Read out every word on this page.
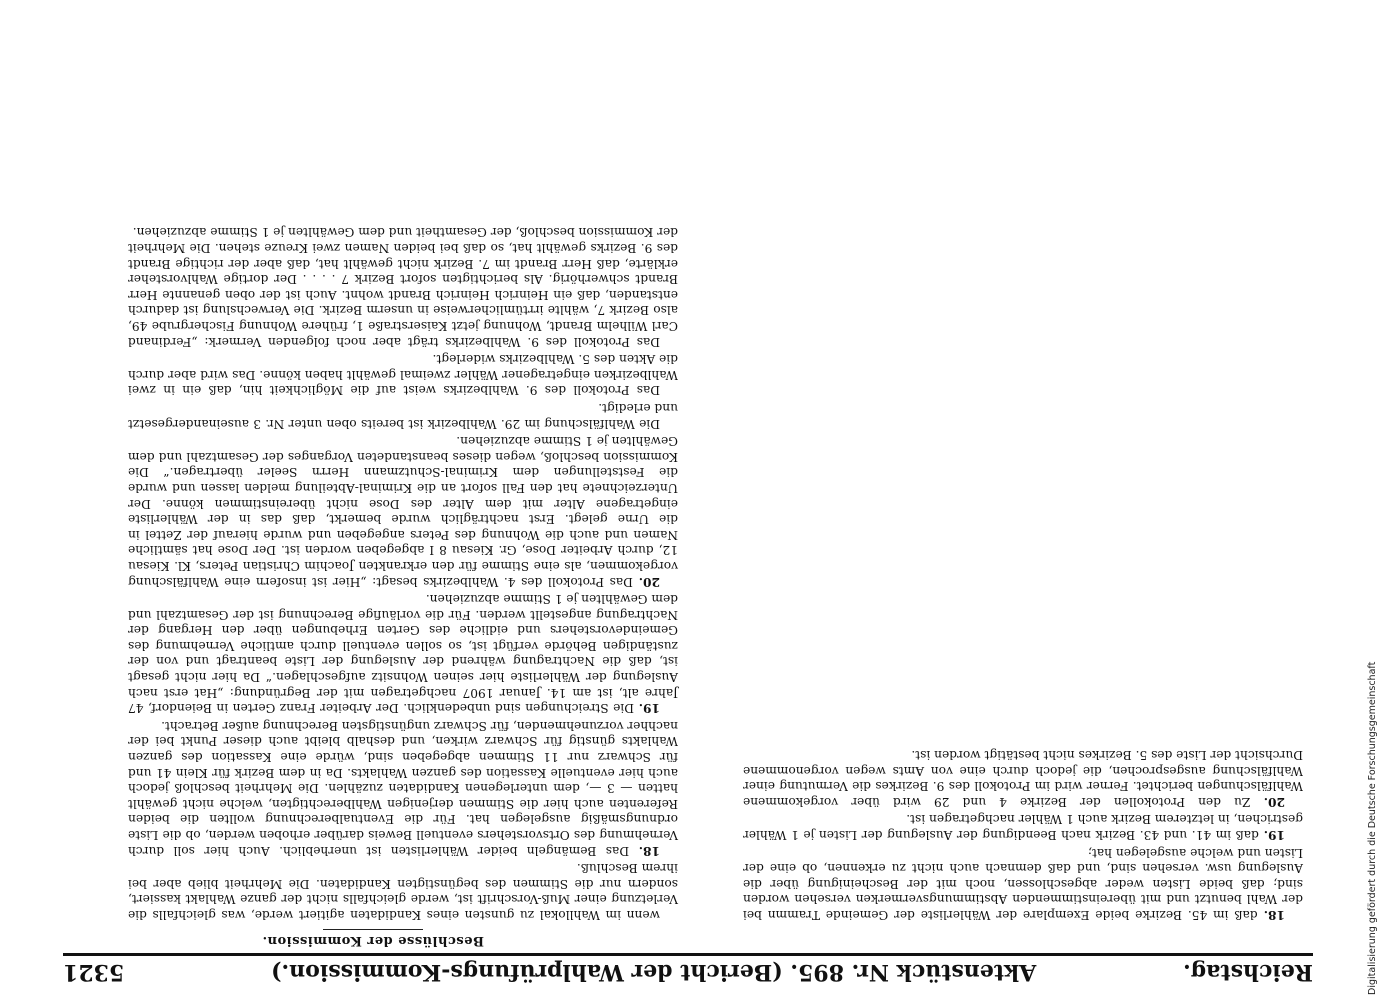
Reichstag.
Aktenstück Nr. 895. (Bericht der Wahlprüfungs-Kommission.)
5321
Beschlüsse der Kommission.

wenn im Wahllokal zu gunsten eines Kandidaten agitiert werde, was gleichfalls die Verletzung einer Muß-Vorschrift ist, werde gleichfalls nicht der ganze Wahlakt kassiert, sondern nur die Stimmen des begünstigten Kandidaten. Die Mehrheit blieb aber bei ihrem Beschluß.

18. Das Bemängeln beider Wählerlisten ist unerheblich. Auch hier soll durch Vernehmung des Ortsvorstehers eventuell Beweis darüber erhoben werden, ob die Liste ordnungsmäßig ausgelegen hat. Für die Eventualberechnung wollten die beiden Referenten auch hier die Stimmen derjenigen Wahlberechtigten, welche nicht gewählt hatten — 3 —, dem unterlegenen Kandidaten zuzählen. Die Mehrheit beschloß jedoch auch hier eventuelle Kassation des ganzen Wahlakts. Da in dem Bezirk für Klein 41 und für Schwarz nur 11 Stimmen abgegeben sind, würde eine Kassation des ganzen Wahlakts günstig für Schwarz wirken, und deshalb bleibt auch dieser Punkt bei der nachher vorzunehmenden, für Schwarz ungünstigsten Berechnung außer Betracht.

19. Die Streichungen sind unbedenklich. Der Arbeiter Franz Gerten in Beiendorf, 47 Jahre alt, ist am 14. Januar 1907 nachgetragen mit der Begründung: „Hat erst nach Auslegung der Wählerliste hier seinen Wohnsitz aufgeschlagen.“ Da hier nicht gesagt ist, daß die Nachtragung während der Auslegung der Liste beantragt und von der zuständigen Behörde verfügt ist, so sollen eventuell durch amtliche Vernehmung des Gemeindevorstehers und eidliche des Gerten Erhebungen über den Hergang der Nachtragung angestellt werden. Für die vorläufige Berechnung ist der Gesamtzahl und dem Gewählten je 1 Stimme abzuziehen.

20. Das Protokoll des 4. Wahlbezirks besagt: „Hier ist insofern eine Wahlfälschung vorgekommen, als eine Stimme für den erkrankten Joachim Christian Peters, Kl. Kiesau 12, durch Arbeiter Dose, Gr. Kiesau 8 I abgegeben worden ist. Der Dose hat sämtliche Namen und auch die Wohnung des Peters angegeben und wurde hierauf der Zettel in die Urne gelegt. Erst nachträglich wurde bemerkt, daß das in der Wählerliste eingetragene Alter mit dem Alter des Dose nicht übereinstimmen könne. Der Unterzeichnete hat den Fall sofort an die Kriminal-Abteilung melden lassen und wurde die Feststellungen dem Kriminal-Schutzmann Herrn Seeler übertragen.“ Die Kommission beschloß, wegen dieses beanstandeten Vorganges der Gesamtzahl und dem Gewählten je 1 Stimme abzuziehen.

Die Wahlfälschung im 29. Wahlbezirk ist bereits oben unter Nr. 3 auseinandergesetzt und erledigt.

Das Protokoll des 9. Wahlbezirks weist auf die Möglichkeit hin, daß ein in zwei Wahlbezirken eingetragener Wähler zweimal gewählt haben könne. Das wird aber durch die Akten des 5. Wahlbezirks widerlegt.

Das Protokoll des 9. Wahlbezirks trägt aber noch folgenden Vermerk: „Ferdinand Carl Wilhelm Brandt, Wohnung jetzt Kaiserstraße 1, frühere Wohnung Fischergrube 49, also Bezirk 7, wählte irrtümlicherweise in unserm Bezirk. Die Verwechslung ist dadurch entstanden, daß ein Heinrich Heinrich Brandt wohnt. Auch ist der oben genannte Herr Brandt schwerhörig. Als berichtigten sofort Bezirk 7 . . . . Der dortige Wahlvorsteher erklärte, daß Herr Brandt im 7. Bezirk nicht gewählt hat, daß aber der richtige Brandt des 9. Bezirks gewählt hat, so daß bei beiden Namen zwei Kreuze stehen. Die Mehrheit der Kommission beschloß, der Gesamtheit und dem Gewählten je 1 Stimme abzuziehen.

18. daß im 45. Bezirke beide Exemplare der Wählerliste der Gemeinde Trammn bei der Wahl benutzt und mit übereinstimmenden Abstimmungsvermerken versehen worden sind; daß beide Listen weder abgeschlossen, noch mit der Bescheinigung über die Auslegung usw. versehen sind, und daß demnach auch nicht zu erkennen, ob eine der Listen und welche ausgelegen hat;

19. daß im 41. und 43. Bezirk nach Beendigung der Auslegung der Listen je 1 Wähler gestrichen, in letzterem Bezirk auch 1 Wähler nachgetragen ist.

20. Zu den Protokollen der Bezirke 4 und 29 wird über vorgekommene Wahlfälschungen berichtet. Ferner wird im Protokoll des 9. Bezirkes die Vermutung einer Wahlfälschung ausgesprochen, die jedoch durch eine von Amts wegen vorgenommene Durchsicht der Liste des 5. Bezirkes nicht bestätigt worden ist.	Digitalisierung gefördert durch die Deutsche Forschungsgemeinschaft
